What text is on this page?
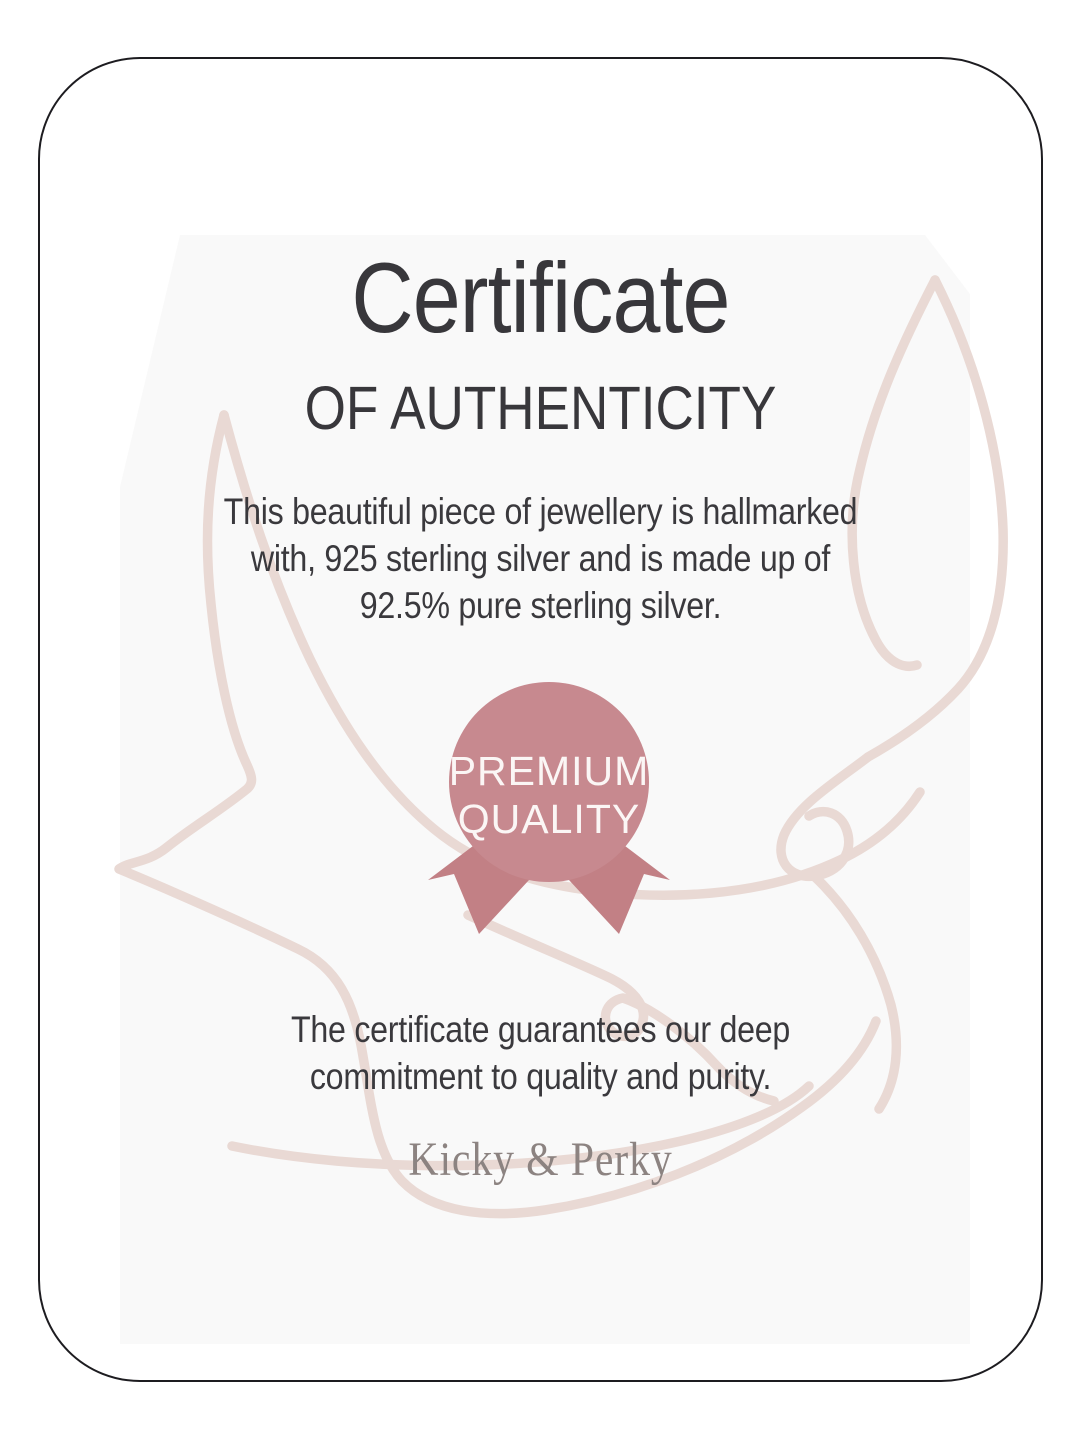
PREMIUM
QUALITY
Certificate
OF AUTHENTICITY
This beautiful piece of jewellery is hallmarked
with, 925 sterling silver and is made up of
92.5% pure sterling silver.
The certificate guarantees our deep
commitment to quality and purity.
Kicky & Perky
